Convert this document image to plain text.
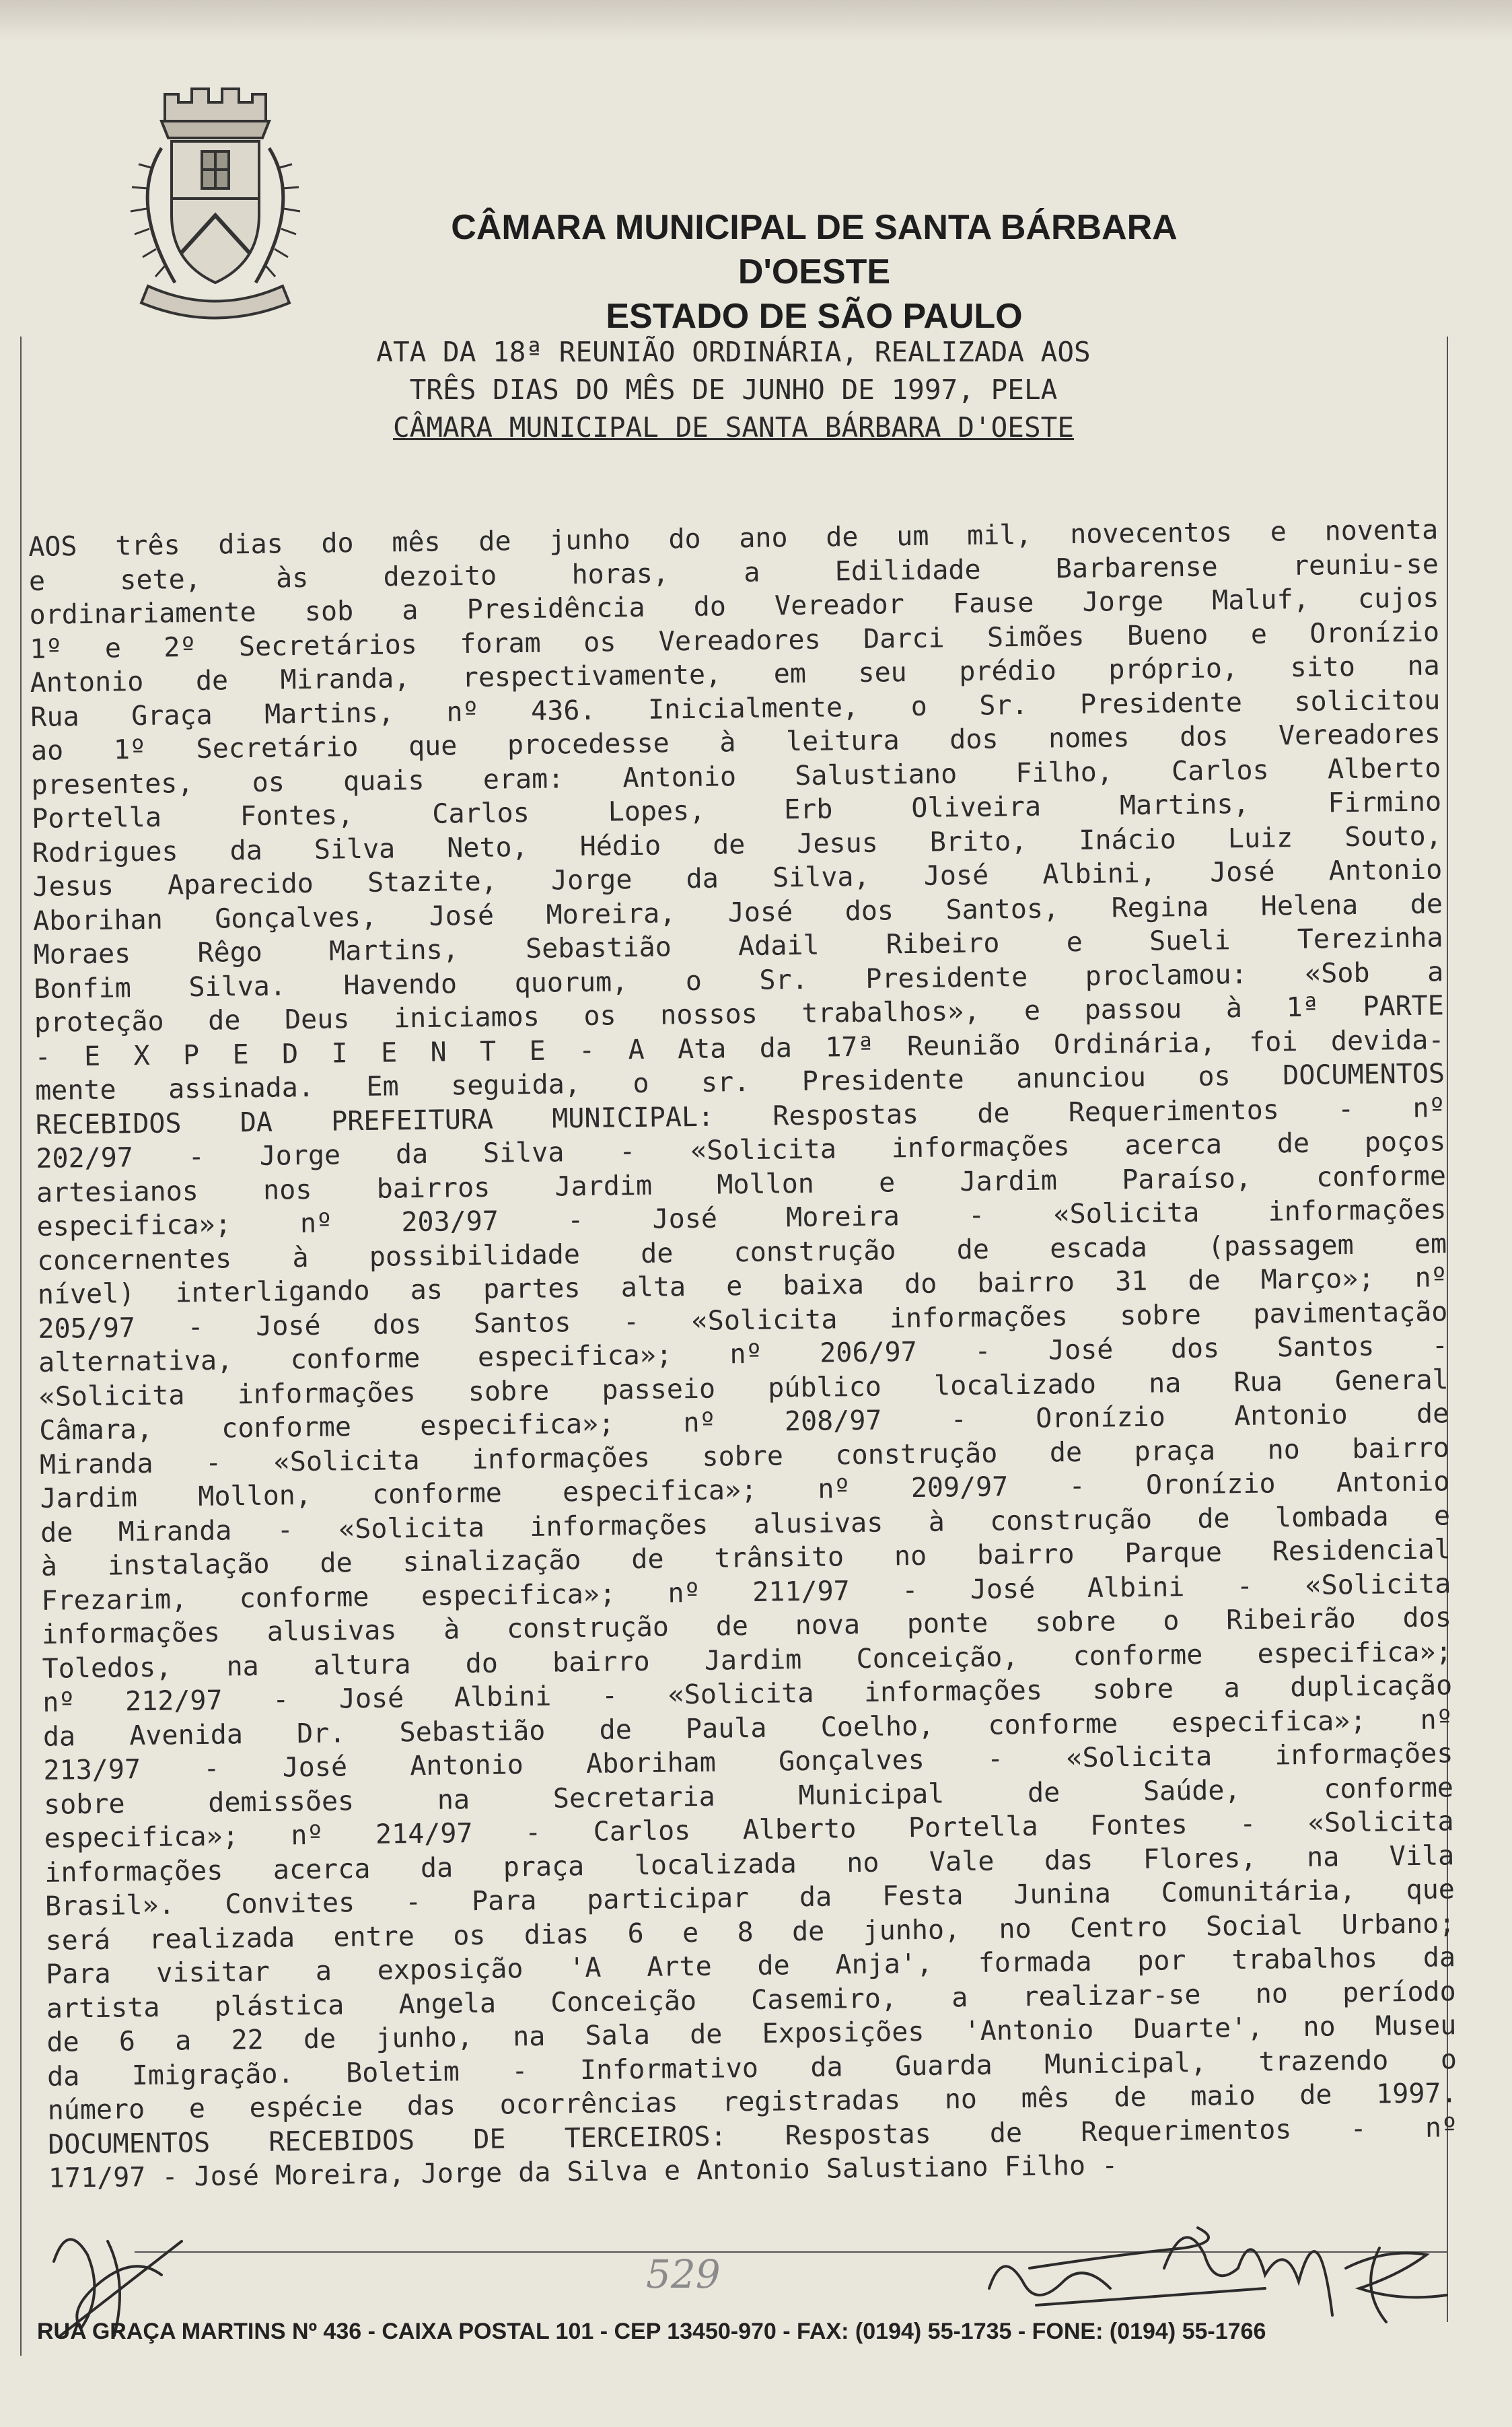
CÂMARA MUNICIPAL DE SANTA BÁRBARA D'OESTE
ESTADO DE SÃO PAULO
ATA DA 18ª REUNIÃO ORDINÁRIA, REALIZADA AOS
TRÊS DIAS DO MÊS DE JUNHO DE 1997, PELA
CÂMARA MUNICIPAL DE SANTA BÁRBARA D'OESTE
AOS três dias do mês de junho do ano de um mil, novecentos e noventa
e sete, às dezoito horas, a Edilidade Barbarense reuniu-se
ordinariamente sob a Presidência do Vereador Fause Jorge Maluf, cujos
1º e 2º Secretários foram os Vereadores Darci Simões Bueno e Oronízio
Antonio de Miranda, respectivamente, em seu prédio próprio, sito na
Rua Graça Martins, nº 436. Inicialmente, o Sr. Presidente solicitou
ao 1º Secretário que procedesse à leitura dos nomes dos Vereadores
presentes, os quais eram: Antonio Salustiano Filho, Carlos Alberto
Portella Fontes, Carlos Lopes, Erb Oliveira Martins, Firmino
Rodrigues da Silva Neto, Hédio de Jesus Brito, Inácio Luiz Souto,
Jesus Aparecido Stazite, Jorge da Silva, José Albini, José Antonio
Aborihan Gonçalves, José Moreira, José dos Santos, Regina Helena de
Moraes Rêgo Martins, Sebastião Adail Ribeiro e Sueli Terezinha
Bonfim Silva. Havendo quorum, o Sr. Presidente proclamou: «Sob a
proteção de Deus iniciamos os nossos trabalhos», e passou à 1ª PARTE
- E X P E D I E N T E - A Ata da 17ª Reunião Ordinária, foi devida-
mente assinada. Em seguida, o sr. Presidente anunciou os DOCUMENTOS
RECEBIDOS DA PREFEITURA MUNICIPAL: Respostas de Requerimentos - nº
202/97 - Jorge da Silva - «Solicita informações acerca de poços
artesianos nos bairros Jardim Mollon e Jardim Paraíso, conforme
especifica»; nº 203/97 - José Moreira - «Solicita informações
concernentes à possibilidade de construção de escada (passagem em
nível) interligando as partes alta e baixa do bairro 31 de Março»; nº
205/97 - José dos Santos - «Solicita informações sobre pavimentação
alternativa, conforme especifica»; nº 206/97 - José dos Santos -
«Solicita informações sobre passeio público localizado na Rua General
Câmara, conforme especifica»; nº 208/97 - Oronízio Antonio de
Miranda - «Solicita informações sobre construção de praça no bairro
Jardim Mollon, conforme especifica»; nº 209/97 - Oronízio Antonio
de Miranda - «Solicita informações alusivas à construção de lombada e
à instalação de sinalização de trânsito no bairro Parque Residencial
Frezarim, conforme especifica»; nº 211/97 - José Albini - «Solicita
informações alusivas à construção de nova ponte sobre o Ribeirão dos
Toledos, na altura do bairro Jardim Conceição, conforme especifica»;
nº 212/97 - José Albini - «Solicita informações sobre a duplicação
da Avenida Dr. Sebastião de Paula Coelho, conforme especifica»; nº
213/97 - José Antonio Aboriham Gonçalves - «Solicita informações
sobre demissões na Secretaria Municipal de Saúde, conforme
especifica»; nº 214/97 - Carlos Alberto Portella Fontes - «Solicita
informações acerca da praça localizada no Vale das Flores, na Vila
Brasil». Convites - Para participar da Festa Junina Comunitária, que
será realizada entre os dias 6 e 8 de junho, no Centro Social Urbano;
Para visitar a exposição 'A Arte de Anja', formada por trabalhos da
artista plástica Angela Conceição Casemiro, a realizar-se no período
de 6 a 22 de junho, na Sala de Exposições 'Antonio Duarte', no Museu
da Imigração. Boletim - Informativo da Guarda Municipal, trazendo o
número e espécie das ocorrências registradas no mês de maio de 1997.
DOCUMENTOS RECEBIDOS DE TERCEIROS: Respostas de Requerimentos - nº
171/97 - José Moreira, Jorge da Silva e Antonio Salustiano Filho -
529
RUA GRAÇA MARTINS Nº 436 - CAIXA POSTAL 101 - CEP 13450-970 - FAX: (0194) 55-1735 - FONE: (0194) 55-1766
